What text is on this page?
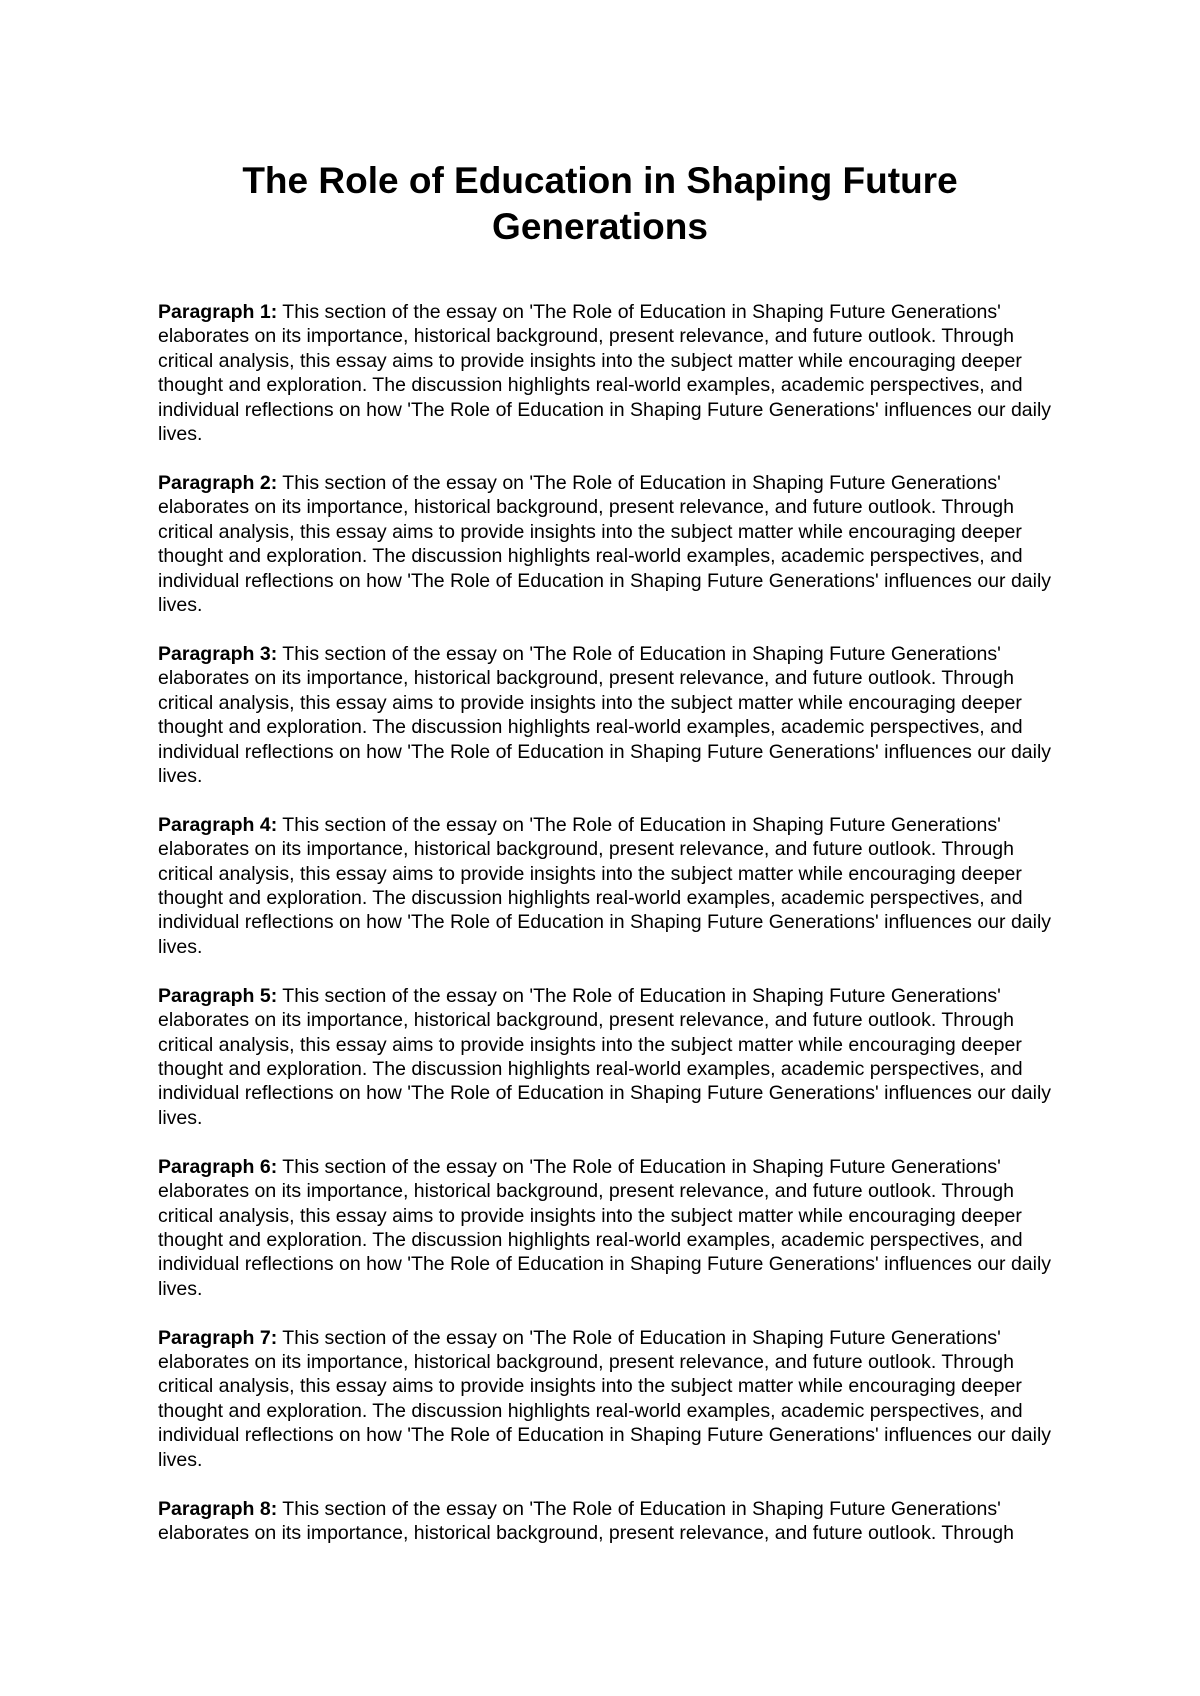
The Role of Education in Shaping Future Generations

Paragraph 1: This section of the essay on 'The Role of Education in Shaping Future Generations' elaborates on its importance, historical background, present relevance, and future outlook. Through critical analysis, this essay aims to provide insights into the subject matter while encouraging deeper thought and exploration. The discussion highlights real-world examples, academic perspectives, and individual reflections on how 'The Role of Education in Shaping Future Generations' influences our daily lives.

Paragraph 2: This section of the essay on 'The Role of Education in Shaping Future Generations' elaborates on its importance, historical background, present relevance, and future outlook. Through critical analysis, this essay aims to provide insights into the subject matter while encouraging deeper thought and exploration. The discussion highlights real-world examples, academic perspectives, and individual reflections on how 'The Role of Education in Shaping Future Generations' influences our daily lives.

Paragraph 3: This section of the essay on 'The Role of Education in Shaping Future Generations' elaborates on its importance, historical background, present relevance, and future outlook. Through critical analysis, this essay aims to provide insights into the subject matter while encouraging deeper thought and exploration. The discussion highlights real-world examples, academic perspectives, and individual reflections on how 'The Role of Education in Shaping Future Generations' influences our daily lives.

Paragraph 4: This section of the essay on 'The Role of Education in Shaping Future Generations' elaborates on its importance, historical background, present relevance, and future outlook. Through critical analysis, this essay aims to provide insights into the subject matter while encouraging deeper thought and exploration. The discussion highlights real-world examples, academic perspectives, and individual reflections on how 'The Role of Education in Shaping Future Generations' influences our daily lives.

Paragraph 5: This section of the essay on 'The Role of Education in Shaping Future Generations' elaborates on its importance, historical background, present relevance, and future outlook. Through critical analysis, this essay aims to provide insights into the subject matter while encouraging deeper thought and exploration. The discussion highlights real-world examples, academic perspectives, and individual reflections on how 'The Role of Education in Shaping Future Generations' influences our daily lives.

Paragraph 6: This section of the essay on 'The Role of Education in Shaping Future Generations' elaborates on its importance, historical background, present relevance, and future outlook. Through critical analysis, this essay aims to provide insights into the subject matter while encouraging deeper thought and exploration. The discussion highlights real-world examples, academic perspectives, and individual reflections on how 'The Role of Education in Shaping Future Generations' influences our daily lives.

Paragraph 7: This section of the essay on 'The Role of Education in Shaping Future Generations' elaborates on its importance, historical background, present relevance, and future outlook. Through critical analysis, this essay aims to provide insights into the subject matter while encouraging deeper thought and exploration. The discussion highlights real-world examples, academic perspectives, and individual reflections on how 'The Role of Education in Shaping Future Generations' influences our daily lives.

Paragraph 8: This section of the essay on 'The Role of Education in Shaping Future Generations' elaborates on its importance, historical background, present relevance, and future outlook. Through
